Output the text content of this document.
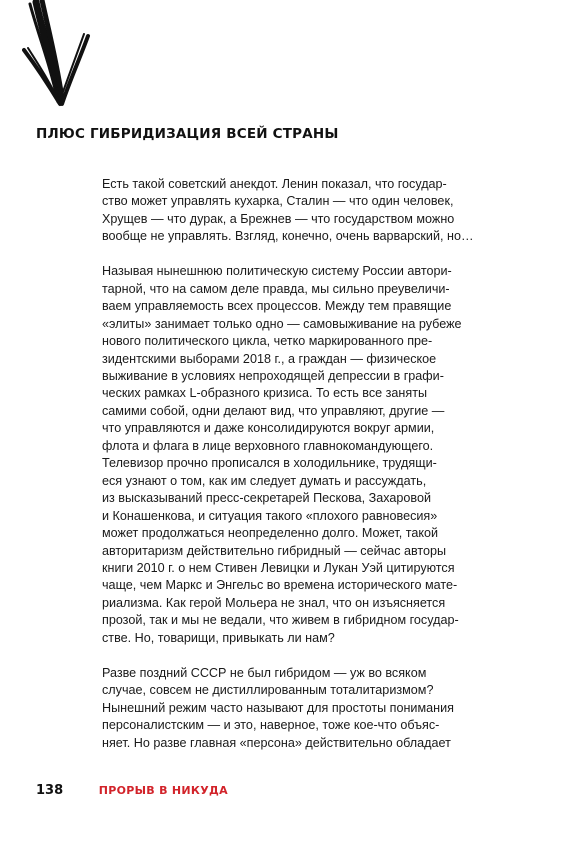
ПЛЮС ГИБРИДИЗАЦИЯ ВСЕЙ СТРАНЫ

Есть такой советский анекдот. Ленин показал, что государ-

ство может управлять кухарка, Сталин — что один человек,

Хрущев — что дурак, а Брежнев — что государством можно

вообще не управлять. Взгляд, конечно, очень варварский, но…

Называя нынешнюю политическую систему России автори-

тарной, что на самом деле правда, мы сильно преувеличи-

ваем управляемость всех процессов. Между тем правящие

«элиты» занимает только одно — самовыживание на рубеже

нового политического цикла, четко маркированного пре-

зидентскими выборами 2018 г., а граждан — физическое

выживание в условиях непроходящей депрессии в графи-

ческих рамках L-образного кризиса. То есть все заняты

самими собой, одни делают вид, что управляют, другие —

что управляются и даже консолидируются вокруг армии,

флота и флага в лице верховного главнокомандующего.

Телевизор прочно прописался в холодильнике, трудящи-

еся узнают о том, как им следует думать и рассуждать,

из высказываний пресс-секретарей Пескова, Захаровой

и Конашенкова, и ситуация такого «плохого равновесия»

может продолжаться неопределенно долго. Может, такой

авторитаризм действительно гибридный — сейчас авторы

книги 2010 г. о нем Стивен Левицки и Лукан Уэй цитируются

чаще, чем Маркс и Энгельс во времена исторического мате-

риализма. Как герой Мольера не знал, что он изъясняется

прозой, так и мы не ведали, что живем в гибридном государ-

стве. Но, товарищи, привыкать ли нам?

Разве поздний СССР не был гибридом — уж во всяком

случае, совсем не дистиллированным тоталитаризмом?

Нынешний режим часто называют для простоты понимания

персоналистским — и это, наверное, тоже кое-что объяс-

няет. Но разве главная «персона» действительно обладает

138	ПРОРЫВ В НИКУДА
